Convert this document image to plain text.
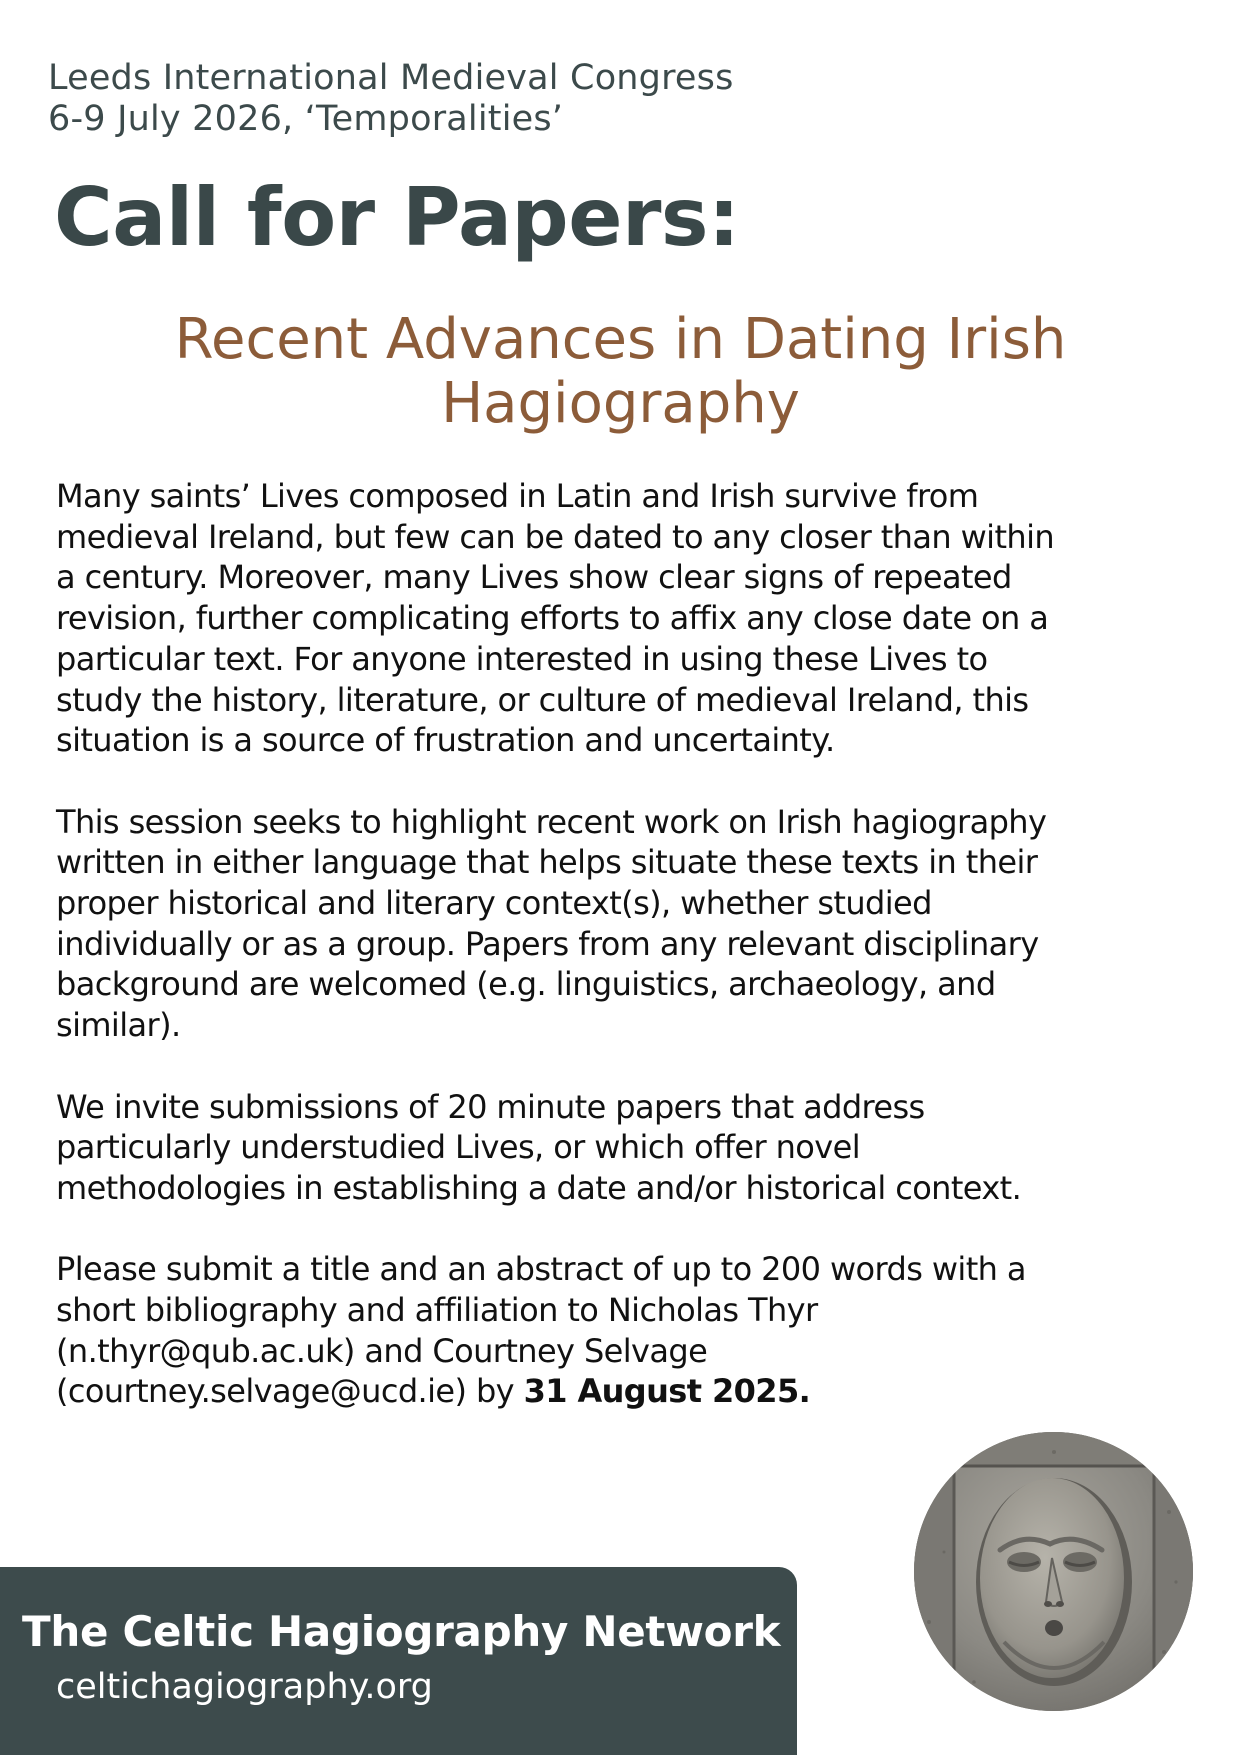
Leeds International Medieval Congress
6-9 July 2026, ‘Temporalities’
Call for Papers:
Recent Advances in Dating Irish Hagiography

Many saints’ Lives composed in Latin and Irish survive from
medieval Ireland, but few can be dated to any closer than within
a century. Moreover, many Lives show clear signs of repeated
revision, further complicating efforts to affix any close date on a
particular text. For anyone interested in using these Lives to
study the history, literature, or culture of medieval Ireland, this
situation is a source of frustration and uncertainty.

This session seeks to highlight recent work on Irish hagiography
written in either language that helps situate these texts in their
proper historical and literary context(s), whether studied
individually or as a group. Papers from any relevant disciplinary
background are welcomed (e.g. linguistics, archaeology, and
similar).

We invite submissions of 20 minute papers that address
particularly understudied Lives, or which offer novel
methodologies in establishing a date and/or historical context.

Please submit a title and an abstract of up to 200 words with a
short bibliography and affiliation to Nicholas Thyr
(n.thyr@qub.ac.uk) and Courtney Selvage
(courtney.selvage@ucd.ie) by 31 August 2025.

The Celtic Hagiography Network
celtichagiography.org
